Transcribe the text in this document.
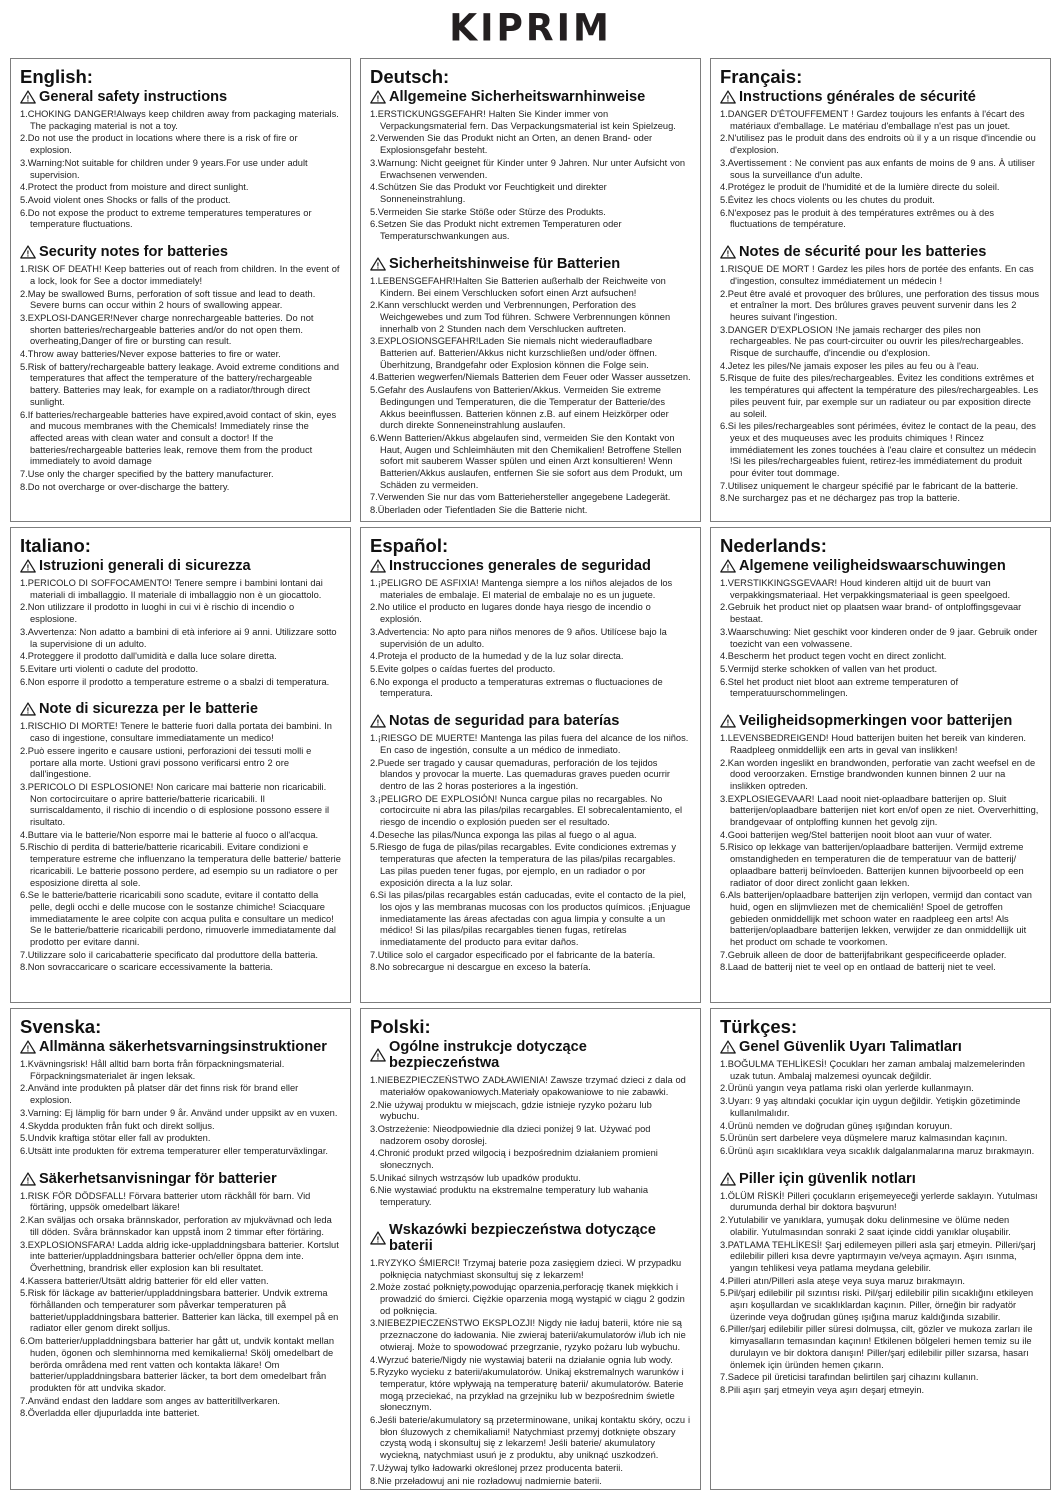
KIPRIM
English:
! General safety instructions

1.CHOKING DANGER!Always keep children away from packaging materials. The packaging material is not a toy.

2.Do not use the product in locations where there is a risk of fire or explosion.

3.Warning:Not suitable for children under 9 years.For use under adult supervision.

4.Protect the product from moisture and direct sunlight.

5.Avoid violent ones Shocks or falls of the product.

6.Do not expose the product to extreme temperatures temperatures or temperature fluctuations.

! Security notes for batteries

1.RISK OF DEATH! Keep batteries out of reach from children. In the event of a lock, look for See a doctor immediately!

2.May be swallowed Burns, perforation of soft tissue and lead to death. Severe burns can occur within 2 hours of swallowing appear.

3.EXPLOSI-DANGER!Never charge nonrechargeable batteries. Do not shorten batteries/rechargeable batteries and/or do not open them. overheating,Danger of fire or bursting can result.

4.Throw away batteries/Never expose batteries to fire or water.

5.Risk of battery/rechargeable battery leakage. Avoid extreme conditions and temperatures that affect the temperature of the battery/rechargeable battery. Batteries may leak, for example on a radiator/through direct sunlight.

6.If batteries/rechargeable batteries have expired,avoid contact of skin, eyes and mucous membranes with the Chemicals! Immediately rinse the affected areas with clean water and consult a doctor! If the batteries/rechargeable batteries leak, remove them from the product immediately to avoid damage

7.Use only the charger specified by the battery manufacturer.

8.Do not overcharge or over-discharge the battery.

Deutsch:
! Allgemeine Sicherheitswarnhinweise

1.ERSTICKUNGSGEFAHR! Halten Sie Kinder immer von Verpackungsmaterial fern. Das Verpackungsmaterial ist kein Spielzeug.

2.Verwenden Sie das Produkt nicht an Orten, an denen Brand- oder Explosionsgefahr besteht.

3.Warnung: Nicht geeignet für Kinder unter 9 Jahren. Nur unter Aufsicht von Erwachsenen verwenden.

4.Schützen Sie das Produkt vor Feuchtigkeit und direkter Sonneneinstrahlung.

5.Vermeiden Sie starke Stöße oder Stürze des Produkts.

6.Setzen Sie das Produkt nicht extremen Temperaturen oder Temperaturschwankungen aus.

! Sicherheitshinweise für Batterien

1.LEBENSGEFAHR!Halten Sie Batterien außerhalb der Reichweite von Kindern. Bei einem Verschlucken sofort einen Arzt aufsuchen!

2.Kann verschluckt werden und Verbrennungen, Perforation des Weichgewebes und zum Tod führen. Schwere Verbrennungen können innerhalb von 2 Stunden nach dem Verschlucken auftreten.

3.EXPLOSIONSGEFAHR!Laden Sie niemals nicht wiederaufladbare Batterien auf. Batterien/Akkus nicht kurzschließen und/oder öffnen. Überhitzung, Brandgefahr oder Explosion können die Folge sein.

4.Batterien wegwerfen/Niemals Batterien dem Feuer oder Wasser aussetzen.

5.Gefahr des Auslaufens von Batterien/Akkus. Vermeiden Sie extreme Bedingungen und Temperaturen, die die Temperatur der Batterie/des Akkus beeinflussen. Batterien können z.B. auf einem Heizkörper oder durch direkte Sonneneinstrahlung auslaufen.

6.Wenn Batterien/Akkus abgelaufen sind, vermeiden Sie den Kontakt von Haut, Augen und Schleimhäuten mit den Chemikalien! Betroffene Stellen sofort mit sauberem Wasser spülen und einen Arzt konsultieren! Wenn Batterien/Akkus auslaufen, entfernen Sie sie sofort aus dem Produkt, um Schäden zu vermeiden.

7.Verwenden Sie nur das vom Batteriehersteller angegebene Ladegerät.

8.Überladen oder Tiefentladen Sie die Batterie nicht.

Français:
! Instructions générales de sécurité

1.DANGER D'ÉTOUFFEMENT ! Gardez toujours les enfants à l'écart des matériaux d'emballage. Le matériau d'emballage n'est pas un jouet.

2.N'utilisez pas le produit dans des endroits où il y a un risque d'incendie ou d'explosion.

3.Avertissement : Ne convient pas aux enfants de moins de 9 ans. À utiliser sous la surveillance d'un adulte.

4.Protégez le produit de l'humidité et de la lumière directe du soleil.

5.Évitez les chocs violents ou les chutes du produit.

6.N'exposez pas le produit à des températures extrêmes ou à des fluctuations de température.

! Notes de sécurité pour les batteries

1.RISQUE DE MORT ! Gardez les piles hors de portée des enfants. En cas d'ingestion, consultez immédiatement un médecin !

2.Peut être avalé et provoquer des brûlures, une perforation des tissus mous et entraîner la mort. Des brûlures graves peuvent survenir dans les 2 heures suivant l'ingestion.

3.DANGER D'EXPLOSION !Ne jamais recharger des piles non rechargeables. Ne pas court-circuiter ou ouvrir les piles/rechargeables. Risque de surchauffe, d'incendie ou d'explosion.

4.Jetez les piles/Ne jamais exposer les piles au feu ou à l'eau.

5.Risque de fuite des piles/rechargeables. Évitez les conditions extrêmes et les températures qui affectent la température des piles/rechargeables. Les piles peuvent fuir, par exemple sur un radiateur ou par exposition directe au soleil.

6.Si les piles/rechargeables sont périmées, évitez le contact de la peau, des yeux et des muqueuses avec les produits chimiques ! Rincez immédiatement les zones touchées à l'eau claire et consultez un médecin !Si les piles/rechargeables fuient, retirez-les immédiatement du produit pour éviter tout dommage.

7.Utilisez uniquement le chargeur spécifié par le fabricant de la batterie.

8.Ne surchargez pas et ne déchargez pas trop la batterie.

Italiano:
! Istruzioni generali di sicurezza

1.PERICOLO DI SOFFOCAMENTO! Tenere sempre i bambini lontani dai materiali di imballaggio. Il materiale di imballaggio non è un giocattolo.

2.Non utilizzare il prodotto in luoghi in cui vi è rischio di incendio o esplosione.

3.Avvertenza: Non adatto a bambini di età inferiore ai 9 anni. Utilizzare sotto la supervisione di un adulto.

4.Proteggere il prodotto dall'umidità e dalla luce solare diretta.

5.Evitare urti violenti o cadute del prodotto.

6.Non esporre il prodotto a temperature estreme o a sbalzi di temperatura.

! Note di sicurezza per le batterie

1.RISCHIO DI MORTE! Tenere le batterie fuori dalla portata dei bambini. In caso di ingestione, consultare immediatamente un medico!

2.Può essere ingerito e causare ustioni, perforazioni dei tessuti molli e portare alla morte. Ustioni gravi possono verificarsi entro 2 ore dall'ingestione.

3.PERICOLO DI ESPLOSIONE! Non caricare mai batterie non ricaricabili. Non cortocircuitare o aprire batterie/batterie ricaricabili. Il surriscaldamento, il rischio di incendio o di esplosione possono essere il risultato.

4.Buttare via le batterie/Non esporre mai le batterie al fuoco o all'acqua.

5.Rischio di perdita di batterie/batterie ricaricabili. Evitare condizioni e temperature estreme che influenzano la temperatura delle batterie/ batterie ricaricabili. Le batterie possono perdere, ad esempio su un radiatore o per esposizione diretta al sole.

6.Se le batterie/batterie ricaricabili sono scadute, evitare il contatto della pelle, degli occhi e delle mucose con le sostanze chimiche! Sciacquare immediatamente le aree colpite con acqua pulita e consultare un medico! Se le batterie/batterie ricaricabili perdono, rimuoverle immediatamente dal prodotto per evitare danni.

7.Utilizzare solo il caricabatterie specificato dal produttore della batteria.

8.Non sovraccaricare o scaricare eccessivamente la batteria.

Español:
! Instrucciones generales de seguridad

1.¡PELIGRO DE ASFIXIA! Mantenga siempre a los niños alejados de los materiales de embalaje. El material de embalaje no es un juguete.

2.No utilice el producto en lugares donde haya riesgo de incendio o explosión.

3.Advertencia: No apto para niños menores de 9 años. Utilícese bajo la supervisión de un adulto.

4.Proteja el producto de la humedad y de la luz solar directa.

5.Evite golpes o caídas fuertes del producto.

6.No exponga el producto a temperaturas extremas o fluctuaciones de temperatura.

! Notas de seguridad para baterías

1.¡RIESGO DE MUERTE! Mantenga las pilas fuera del alcance de los niños. En caso de ingestión, consulte a un médico de inmediato.

2.Puede ser tragado y causar quemaduras, perforación de los tejidos blandos y provocar la muerte. Las quemaduras graves pueden ocurrir dentro de las 2 horas posteriores a la ingestión.

3.¡PELIGRO DE EXPLOSIÓN! Nunca cargue pilas no recargables. No cortocircuite ni abra las pilas/pilas recargables. El sobrecalentamiento, el riesgo de incendio o explosión pueden ser el resultado.

4.Deseche las pilas/Nunca exponga las pilas al fuego o al agua.

5.Riesgo de fuga de pilas/pilas recargables. Evite condiciones extremas y temperaturas que afecten la temperatura de las pilas/pilas recargables. Las pilas pueden tener fugas, por ejemplo, en un radiador o por exposición directa a la luz solar.

6.Si las pilas/pilas recargables están caducadas, evite el contacto de la piel, los ojos y las membranas mucosas con los productos químicos. ¡Enjuague inmediatamente las áreas afectadas con agua limpia y consulte a un médico! Si las pilas/pilas recargables tienen fugas, retírelas inmediatamente del producto para evitar daños.

7.Utilice solo el cargador especificado por el fabricante de la batería.

8.No sobrecargue ni descargue en exceso la batería.

Nederlands:
! Algemene veiligheidswaarschuwingen

1.VERSTIKKINGSGEVAAR! Houd kinderen altijd uit de buurt van verpakkingsmateriaal. Het verpakkingsmateriaal is geen speelgoed.

2.Gebruik het product niet op plaatsen waar brand- of ontploffingsgevaar bestaat.

3.Waarschuwing: Niet geschikt voor kinderen onder de 9 jaar. Gebruik onder toezicht van een volwassene.

4.Bescherm het product tegen vocht en direct zonlicht.

5.Vermijd sterke schokken of vallen van het product.

6.Stel het product niet bloot aan extreme temperaturen of temperatuurschommelingen.

! Veiligheidsopmerkingen voor batterijen

1.LEVENSBEDREIGEND! Houd batterijen buiten het bereik van kinderen. Raadpleeg onmiddellijk een arts in geval van inslikken!

2.Kan worden ingeslikt en brandwonden, perforatie van zacht weefsel en de dood veroorzaken. Ernstige brandwonden kunnen binnen 2 uur na inslikken optreden.

3.EXPLOSIEGEVAAR! Laad nooit niet-oplaadbare batterijen op. Sluit batterijen/oplaadbare batterijen niet kort en/of open ze niet. Oververhitting, brandgevaar of ontploffing kunnen het gevolg zijn.

4.Gooi batterijen weg/Stel batterijen nooit bloot aan vuur of water.

5.Risico op lekkage van batterijen/oplaadbare batterijen. Vermijd extreme omstandigheden en temperaturen die de temperatuur van de batterij/ oplaadbare batterij beïnvloeden. Batterijen kunnen bijvoorbeeld op een radiator of door direct zonlicht gaan lekken.

6.Als batterijen/oplaadbare batterijen zijn verlopen, vermijd dan contact van huid, ogen en slijmvliezen met de chemicaliën! Spoel de getroffen gebieden onmiddellijk met schoon water en raadpleeg een arts! Als batterijen/oplaadbare batterijen lekken, verwijder ze dan onmiddellijk uit het product om schade te voorkomen.

7.Gebruik alleen de door de batterijfabrikant gespecificeerde oplader.

8.Laad de batterij niet te veel op en ontlaad de batterij niet te veel.

Svenska:
! Allmänna säkerhetsvarningsinstruktioner

1.Kvävningsrisk! Håll alltid barn borta från förpackningsmaterial. Förpackningsmaterialet är ingen leksak.

2.Använd inte produkten på platser där det finns risk för brand eller explosion.

3.Varning: Ej lämplig för barn under 9 år. Använd under uppsikt av en vuxen.

4.Skydda produkten från fukt och direkt solljus.

5.Undvik kraftiga stötar eller fall av produkten.

6.Utsätt inte produkten för extrema temperaturer eller temperaturväxlingar.

! Säkerhetsanvisningar för batterier

1.RISK FÖR DÖDSFALL! Förvara batterier utom räckhåll för barn. Vid förtäring, uppsök omedelbart läkare!

2.Kan sväljas och orsaka brännskador, perforation av mjukvävnad och leda till döden. Svåra brännskador kan uppstå inom 2 timmar efter förtäring.

3.EXPLOSIONSFARA! Ladda aldrig icke-uppladdningsbara batterier. Kortslut inte batterier/uppladdningsbara batterier och/eller öppna dem inte. Överhettning, brandrisk eller explosion kan bli resultatet.

4.Kassera batterier/Utsätt aldrig batterier för eld eller vatten.

5.Risk för läckage av batterier/uppladdningsbara batterier. Undvik extrema förhållanden och temperaturer som påverkar temperaturen på batteriet/uppladdningsbara batterier. Batterier kan läcka, till exempel på en radiator eller genom direkt solljus.

6.Om batterier/uppladdningsbara batterier har gått ut, undvik kontakt mellan huden, ögonen och slemhinnorna med kemikalierna! Skölj omedelbart de berörda områdena med rent vatten och kontakta läkare! Om batterier/uppladdningsbara batterier läcker, ta bort dem omedelbart från produkten för att undvika skador.

7.Använd endast den laddare som anges av batteritillverkaren.

8.Överladda eller djupurladda inte batteriet.

Polski:
!
Ogólne instrukcje dotyczące bezpieczeństwa

1.NIEBEZPIECZEŃSTWO ZADŁAWIENIA! Zawsze trzymać dzieci z dala od materiałów opakowaniowych.Materiały opakowaniowe to nie zabawki.

2.Nie używaj produktu w miejscach, gdzie istnieje ryzyko pożaru lub wybuchu.

3.Ostrzeżenie: Nieodpowiednie dla dzieci poniżej 9 lat. Używać pod nadzorem osoby dorosłej.

4.Chronić produkt przed wilgocią i bezpośrednim działaniem promieni słonecznych.

5.Unikać silnych wstrząsów lub upadków produktu.

6.Nie wystawiać produktu na ekstremalne temperatury lub wahania temperatury.

!
Wskazówki bezpieczeństwa dotyczące baterii

1.RYZYKO ŚMIERCI! Trzymaj baterie poza zasięgiem dzieci. W przypadku połknięcia natychmiast skonsultuj się z lekarzem!

2.Może zostać połknięty,powodując oparzenia,perforację tkanek miękkich i prowadzić do śmierci. Ciężkie oparzenia mogą wystąpić w ciągu 2 godzin od połknięcia.

3.NIEBEZPIECZEŃSTWO EKSPLOZJI! Nigdy nie ładuj baterii, które nie są przeznaczone do ładowania. Nie zwieraj baterii/akumulatorów i/lub ich nie otwieraj. Może to spowodować przegrzanie, ryzyko pożaru lub wybuchu.

4.Wyrzuć baterie/Nigdy nie wystawiaj baterii na działanie ognia lub wody.

5.Ryzyko wycieku z baterii/akumulatorów. Unikaj ekstremalnych warunków i temperatur, które wpływają na temperaturę baterii/ akumulatorów. Baterie mogą przeciekać, na przykład na grzejniku lub w bezpośrednim świetle słonecznym.

6.Jeśli baterie/akumulatory są przeterminowane, unikaj kontaktu skóry, oczu i błon śluzowych z chemikaliami! Natychmiast przemyj dotknięte obszary czystą wodą i skonsultuj się z lekarzem! Jeśli baterie/ akumulatory wyciekną, natychmiast usuń je z produktu, aby uniknąć uszkodzeń.

7.Używaj tylko ładowarki określonej przez producenta baterii.

8.Nie przeładowuj ani nie rozładowuj nadmiernie baterii.

Türkçes:
! Genel Güvenlik Uyarı Talimatları

1.BOĞULMA TEHLİKESİ! Çocukları her zaman ambalaj malzemelerinden uzak tutun. Ambalaj malzemesi oyuncak değildir.

2.Ürünü yangın veya patlama riski olan yerlerde kullanmayın.

3.Uyarı: 9 yaş altındaki çocuklar için uygun değildir. Yetişkin gözetiminde kullanılmalıdır.

4.Ürünü nemden ve doğrudan güneş ışığından koruyun.

5.Ürünün sert darbelere veya düşmelere maruz kalmasından kaçının.

6.Ürünü aşırı sıcaklıklara veya sıcaklık dalgalanmalarına maruz bırakmayın.

! Piller için güvenlik notları

1.ÖLÜM RİSKİ! Pilleri çocukların erişemeyeceği yerlerde saklayın. Yutulması durumunda derhal bir doktora başvurun!

2.Yutulabilir ve yanıklara, yumuşak doku delinmesine ve ölüme neden olabilir. Yutulmasından sonraki 2 saat içinde ciddi yanıklar oluşabilir.

3.PATLAMA TEHLİKESİ! Şarj edilemeyen pilleri asla şarj etmeyin. Pilleri/şarj edilebilir pilleri kısa devre yaptırmayın ve/veya açmayın. Aşırı ısınma, yangın tehlikesi veya patlama meydana gelebilir.

4.Pilleri atın/Pilleri asla ateşe veya suya maruz bırakmayın.

5.Pil/şarj edilebilir pil sızıntısı riski. Pil/şarj edilebilir pilin sıcaklığını etkileyen aşırı koşullardan ve sıcaklıklardan kaçının. Piller, örneğin bir radyatör üzerinde veya doğrudan güneş ışığına maruz kaldığında sızabilir.

6.Piller/şarj edilebilir piller süresi dolmuşsa, cilt, gözler ve mukoza zarları ile kimyasalların temasından kaçının! Etkilenen bölgeleri hemen temiz su ile durulayın ve bir doktora danışın! Piller/şarj edilebilir piller sızarsa, hasarı önlemek için üründen hemen çıkarın.

7.Sadece pil üreticisi tarafından belirtilen şarj cihazını kullanın.

8.Pili aşırı şarj etmeyin veya aşırı deşarj etmeyin.
